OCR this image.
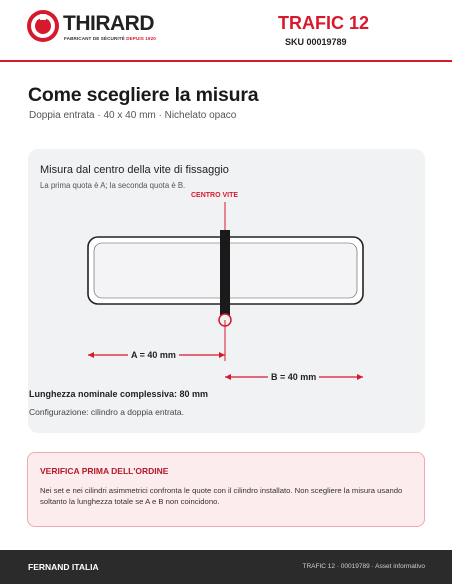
THIRARD
FABRICANT DE SÉCURITÉ DEPUIS 1920
TRAFIC 12
SKU 00019789
Come scegliere la misura
Doppia entrata · 40 x 40 mm · Nichelato opaco
Misura dal centro della vite di fissaggio
La prima quota è A; la seconda quota è B.
CENTRO VITE
A = 40 mm
B = 40 mm
Lunghezza nominale complessiva: 80 mm
Configurazione: cilindro a doppia entrata.
VERIFICA PRIMA DELL'ORDINE
Nei set e nei cilindri asimmetrici confronta le quote con il cilindro installato. Non scegliere la misura usando soltanto la lunghezza totale se A e B non coincidono.
FERNAND ITALIA	TRAFIC 12 · 00019789 · Asset informativo
